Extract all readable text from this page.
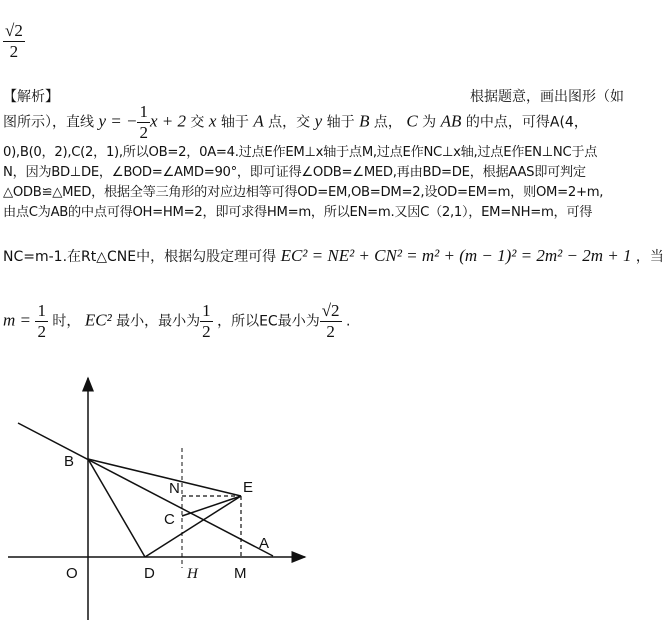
√2
2
【解析】	根据题意，画出图形（如
图所示），直线 y = − $\frac{1}{2}$ x + 2 交 x 轴于 A 点，交 y 轴于 B 点， C 为 AB 的中点，可得A(4，
0),B(0，2),C(2，1),所以OB=2，0A=4.过点E作EM⊥x轴于点M,过点E作NC⊥x轴,过点E作EN⊥NC于点
N，因为BD⊥DE，∠BOD=∠AMD=90°，即可证得∠ODB=∠MED,再由BD=DE，根据AAS即可判定
△ODB≌△MED，根据全等三角形的对应边相等可得OD=EM,OB=DM=2,设OD=EM=m，则OM=2+m,
由点C为AB的中点可得OH=HM=2，即可求得HM=m，所以EN=m.又因C（2,1），EM=NH=m，可得
NC=m-1.在Rt△CNE中，根据勾股定理可得 EC² = NE² + CN² = m² + (m − 1)² = 2m² − 2m + 1 ，当
$m = \frac{1}{2}$ 时， EC² 最小，最小为 $\frac{1}{2}$ ，所以EC最小为 $\frac{√2}{2}$ .
B
N	E
C
A
O	D H M
